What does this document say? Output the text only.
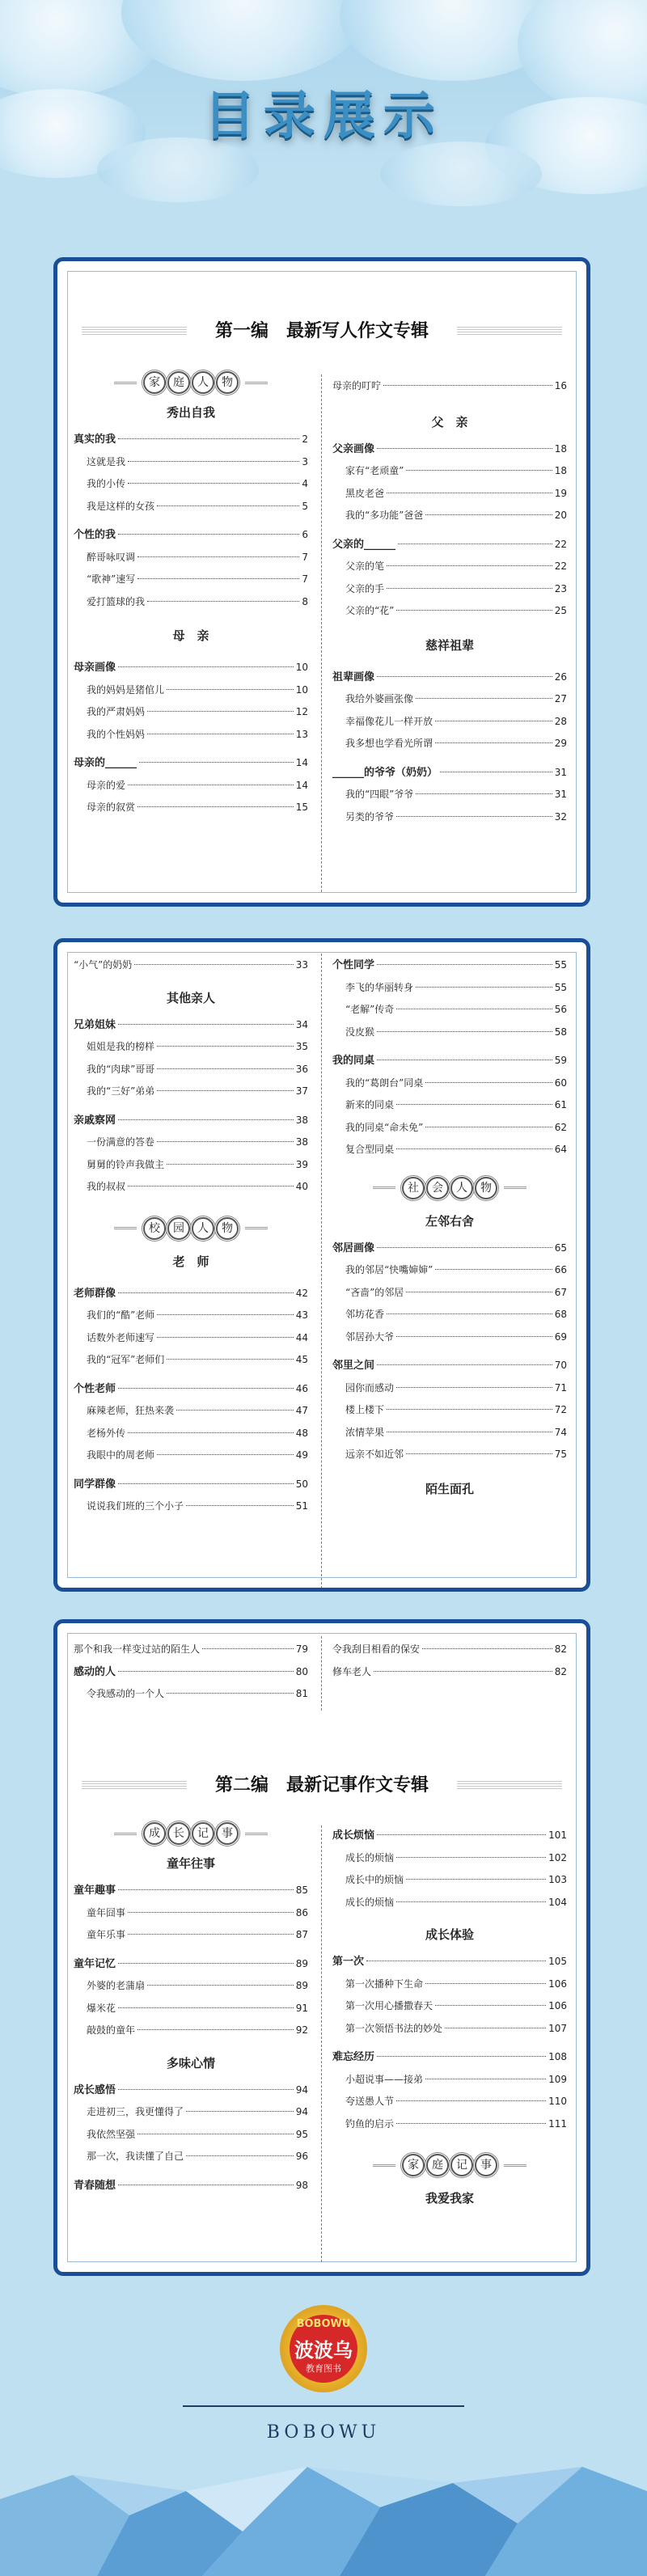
目录展示
第一编　最新写人作文专辑
家 庭 人 物
秀出自我
真实的我	2
这就是我	3
我的小传	4
我是这样的女孩	5
个性的我	6
醉哥咏叹调	7
“歌神”速写	7
爱打篮球的我	8
母　亲
母亲画像	10
我的妈妈是猪倌儿	10
我的严肃妈妈	12
我的个性妈妈	13
母亲的______	14
母亲的爱	14
母亲的叙赏	15
母亲的叮咛	16
父　亲
父亲画像	18
家有“老顽童”	18
黑皮老爸	19
我的“多功能”爸爸	20
父亲的______	22
父亲的笔	22
父亲的手	23
父亲的“花”	25
慈祥祖辈
祖辈画像	26
我给外婆画张像	27
幸福像花儿一样开放	28
我多想也学看光所谓	29
______的爷爷（奶奶）	31
我的“四眼”爷爷	31
另类的爷爷	32
“小气”的奶奶	33
其他亲人
兄弟姐妹	34
姐姐是我的榜样	35
我的“肉球”哥哥	36
我的“三好”弟弟	37
亲戚察网	38
一份满意的答卷	38
舅舅的铃声我做主	39
我的叔叔	40
校 园 人 物
老　师
老师群像	42
我们的“酷”老师	43
话数外老师速写	44
我的“冠军”老师们	45
个性老师	46
麻辣老师，狂热来袭	47
老杨外传	48
我眼中的周老师	49
同学群像	50
说说我们班的三个小子	51
个性同学	55
李飞的华丽转身	55
“老解”传奇	56
没皮猴	58
我的同桌	59
我的“葛朗台”同桌	60
新来的同桌	61
我的同桌“命未免”	62
复合型同桌	64
社 会 人 物
左邻右舍
邻居画像	65
我的邻居“快嘴婶婶”	66
“吝啬”的邻居	67
邻坊花香	68
邻居孙大爷	69
邻里之间	70
园你而感动	71
楼上楼下	72
浓情苹果	74
远亲不如近邻	75
陌生面孔
那个和我一样变过站的陌生人	79
感动的人	80
令我感动的一个人	81
令我刮目相看的保安	82
修车老人	82
第二编　最新记事作文专辑
成 长 记 事
童年往事
童年趣事	85
童年囧事	86
童年乐事	87
童年记忆	89
外婆的老蒲扇	89
爆米花	91
敲鼓的童年	92
多味心情
成长感悟	94
走进初三，我更懂得了	94
我依然坚强	95
那一次，我读懂了自己	96
青春随想	98
成长烦恼	101
成长的烦恼	102
成长中的烦恼	103
成长的烦恼	104
成长体验
第一次	105
第一次播种下生命	106
第一次用心播撒春天	106
第一次领悟书法的妙处	107
难忘经历	108
小超说事——接弟	109
夸送愚人节	110
钓鱼的启示	111
家 庭 记 事
我爱我家
BOBOWU
波波乌
教育图书
BOBOWU
